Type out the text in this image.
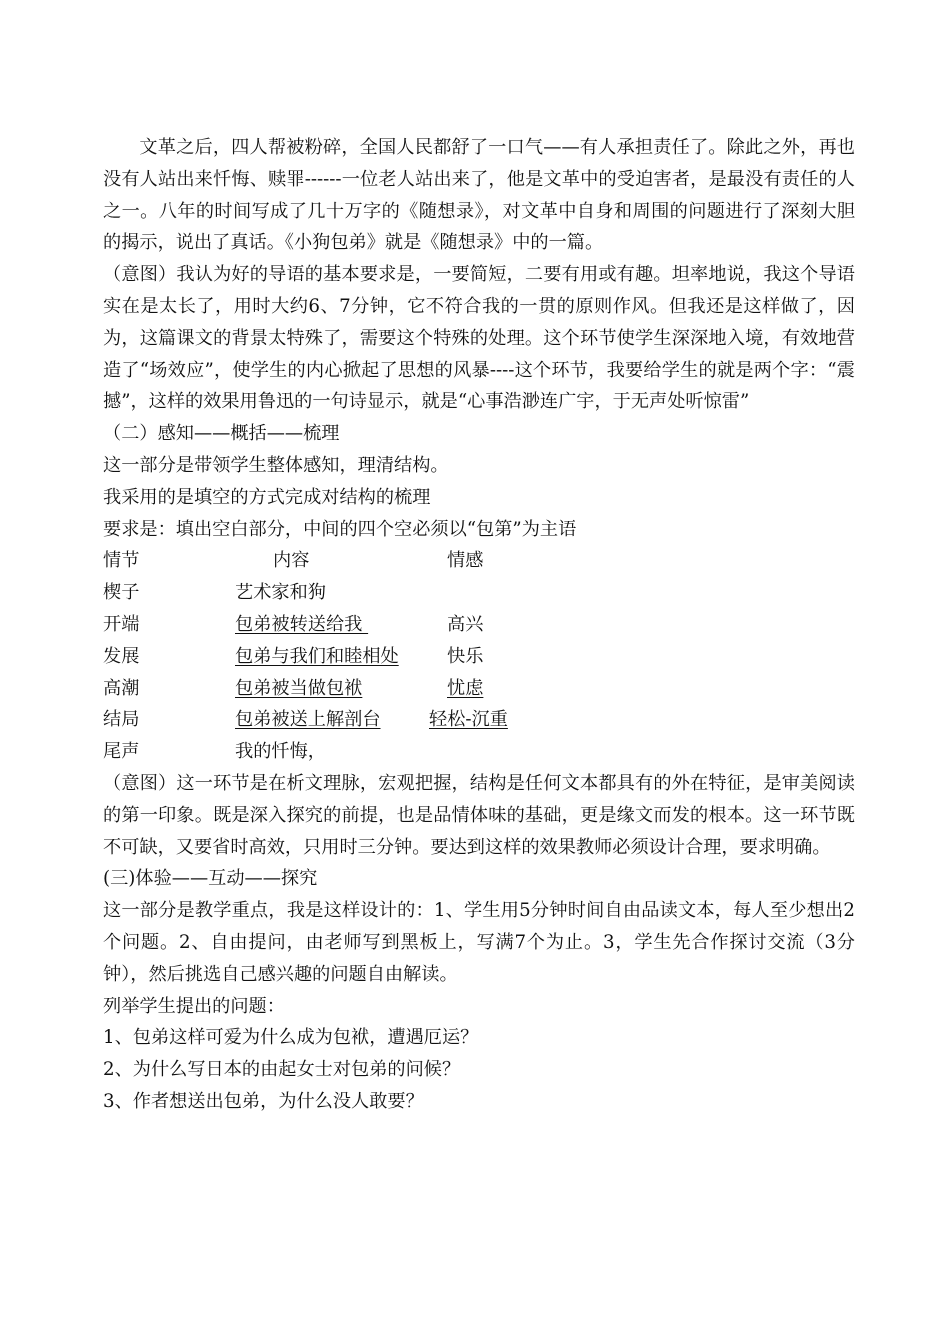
文革之后，四人帮被粉碎，全国人民都舒了一口气——有人承担责任了。除此之外，再也没有人站出来忏悔、赎罪------一位老人站出来了，他是文革中的受迫害者，是最没有责任的人之一。八年的时间写成了几十万字的《随想录》，对文革中自身和周围的问题进行了深刻大胆的揭示，说出了真话。《小狗包弟》就是《随想录》中的一篇。

（意图）我认为好的导语的基本要求是，一要简短，二要有用或有趣。坦率地说，我这个导语实在是太长了，用时大约6、7分钟，它不符合我的一贯的原则作风。但我还是这样做了，因为，这篇课文的背景太特殊了，需要这个特殊的处理。这个环节使学生深深地入境，有效地营造了“场效应”，使学生的内心掀起了思想的风暴----这个环节，我要给学生的就是两个字：“震撼”，这样的效果用鲁迅的一句诗显示，就是“心事浩渺连广宇，于无声处听惊雷”

（二）感知——概括——梳理

这一部分是带领学生整体感知，理清结构。

我采用的是填空的方式完成对结构的梳理

要求是：填出空白部分，中间的四个空必须以“包第”为主语

情节	内容	情感
楔子	艺术家和狗
开端	包弟被转送给我	高兴
发展	包弟与我们和睦相处	快乐
高潮	包弟被当做包袱	忧虑
结局	包弟被送上解剖台	轻松-沉重
尾声	我的忏悔，

（意图）这一环节是在析文理脉，宏观把握，结构是任何文本都具有的外在特征，是审美阅读的第一印象。既是深入探究的前提，也是品情体味的基础，更是缘文而发的根本。这一环节既不可缺，又要省时高效，只用时三分钟。要达到这样的效果教师必须设计合理，要求明确。

(三)体验——互动——探究

这一部分是教学重点，我是这样设计的：1、学生用5分钟时间自由品读文本，每人至少想出2个问题。2、自由提问，由老师写到黑板上，写满7个为止。3，学生先合作探讨交流（3分钟），然后挑选自己感兴趣的问题自由解读。

列举学生提出的问题：

1、包弟这样可爱为什么成为包袱，遭遇厄运？

2、为什么写日本的由起女士对包弟的问候？

3、作者想送出包弟，为什么没人敢要？
